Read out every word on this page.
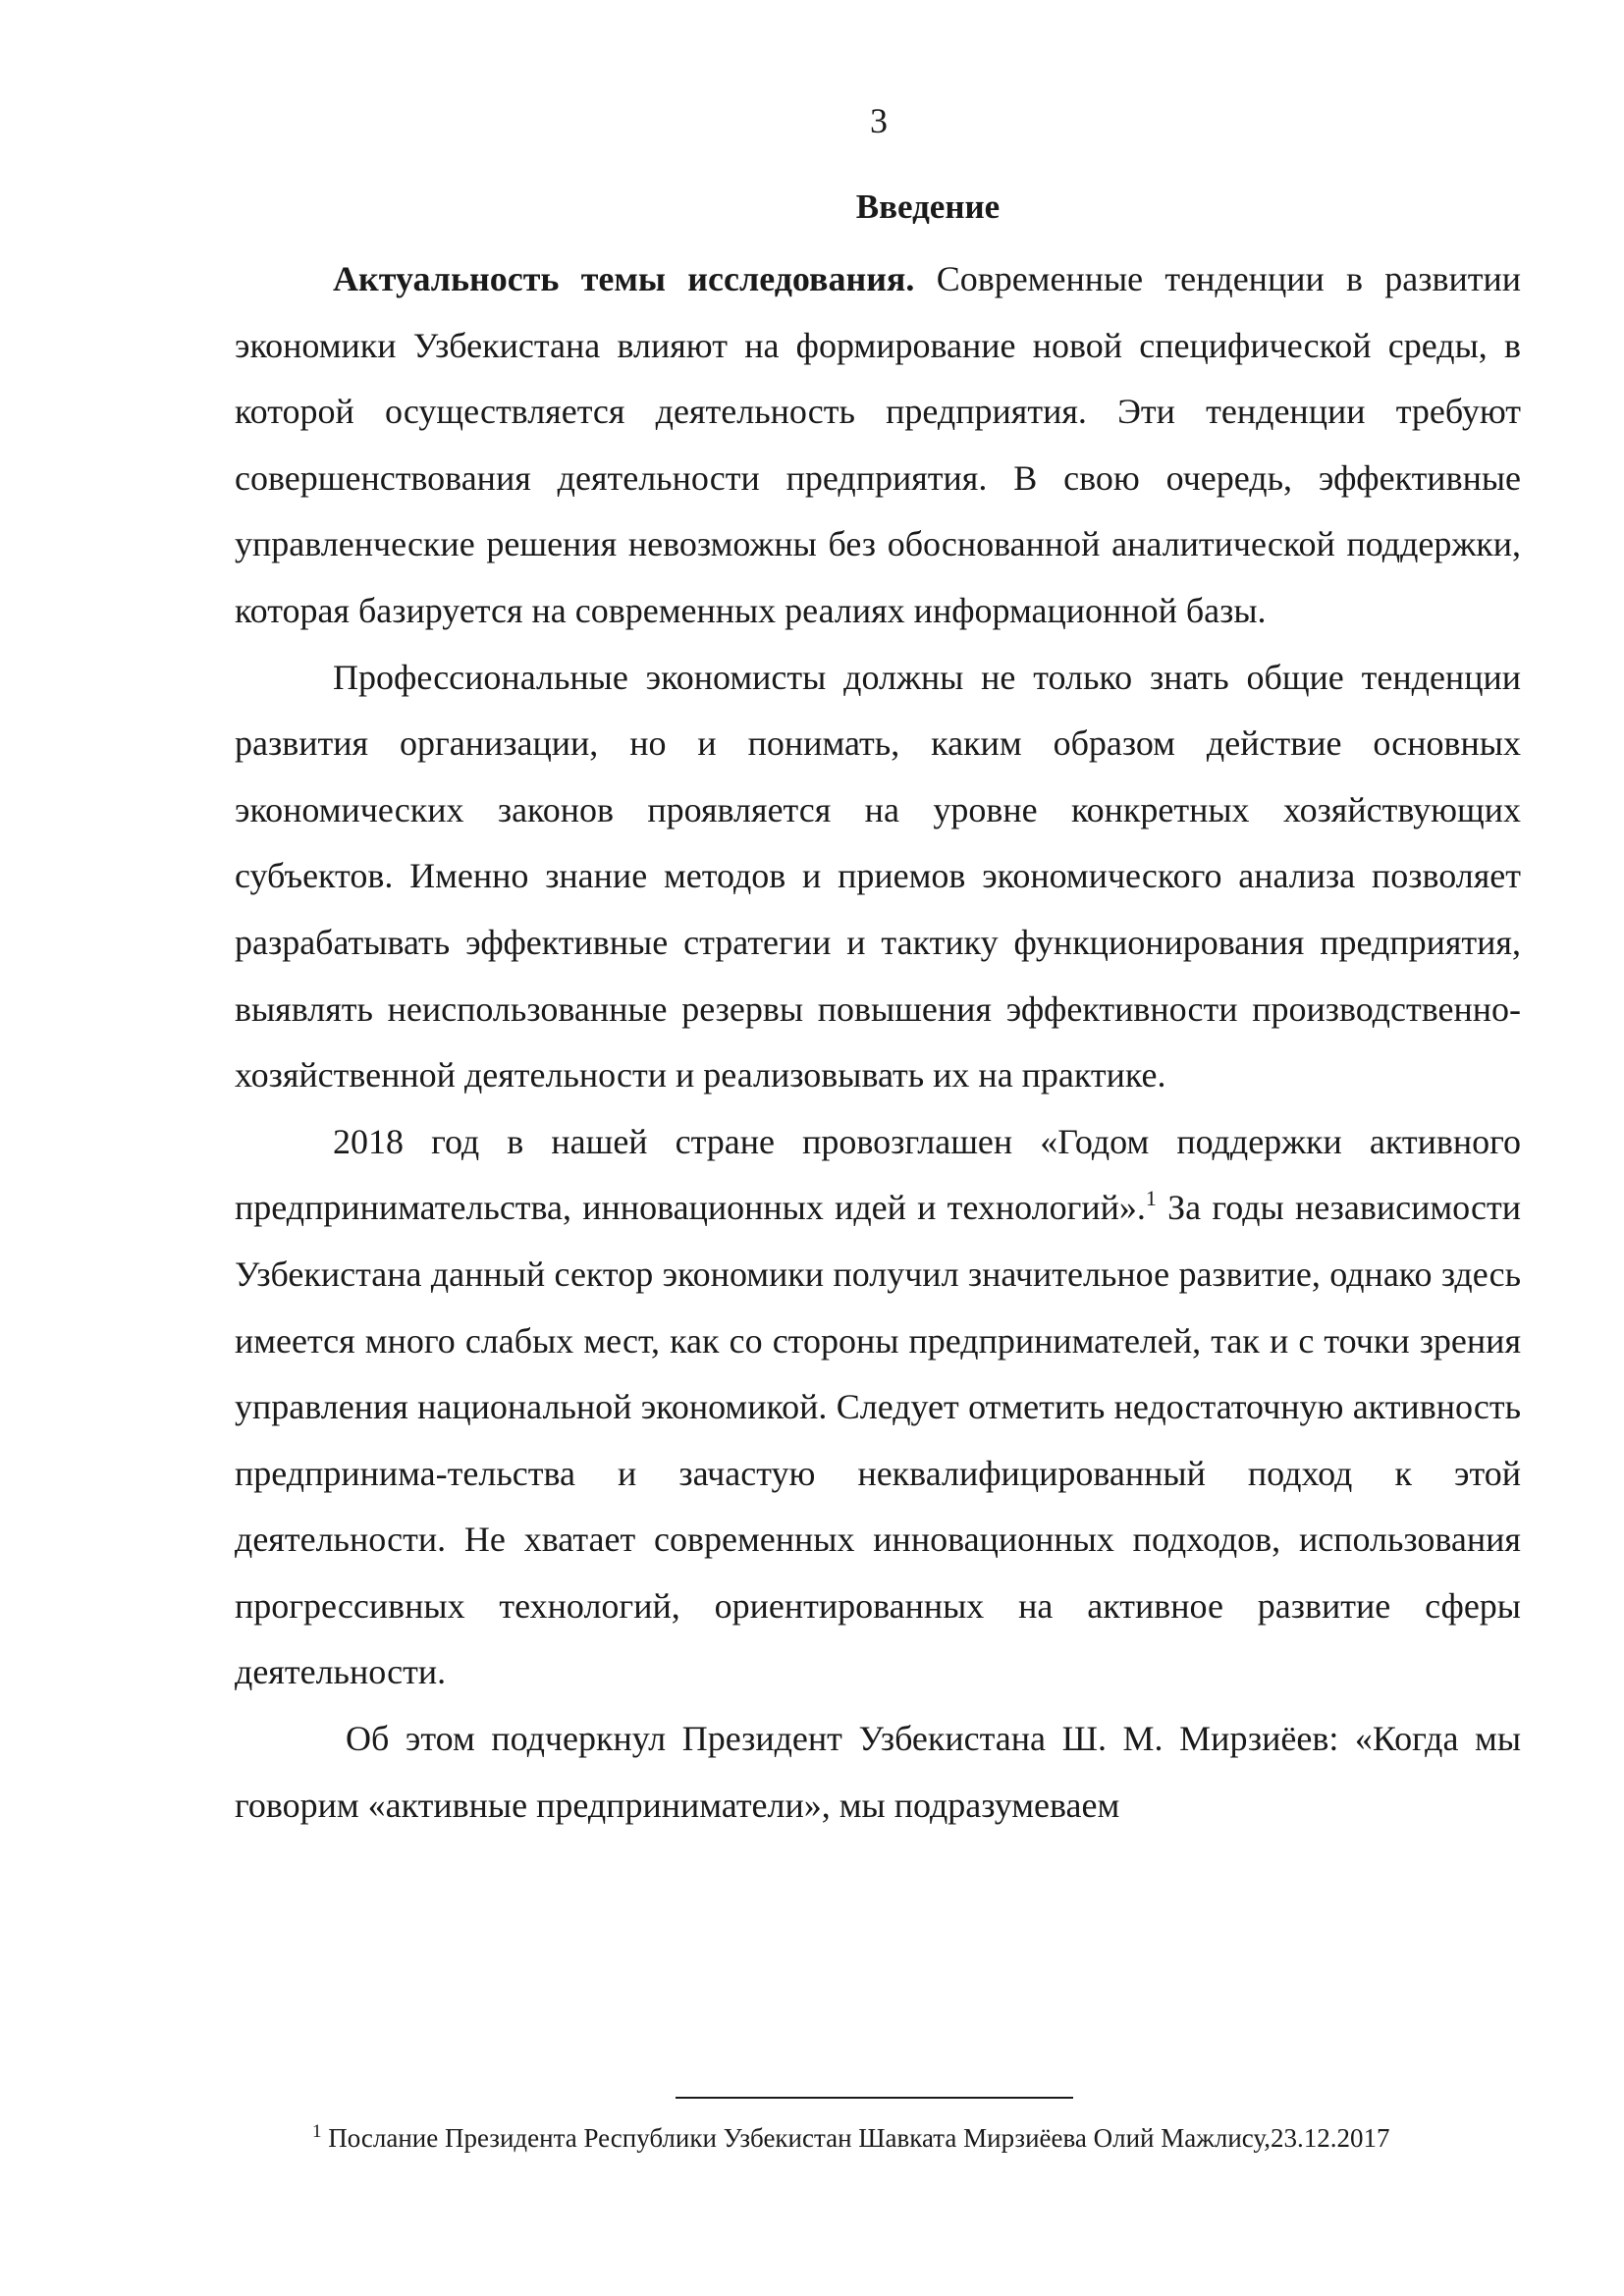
3
Введение

Актуальность темы исследования. Современные тенденции в развитии экономики Узбекистана влияют на формирование новой специфической среды, в которой осуществляется деятельность предприятия. Эти тенденции требуют совершенствования деятельности предприятия. В свою очередь, эффективные управленческие решения невозможны без обоснованной аналитической поддержки, которая базируется на современных реалиях информационной базы.

Профессиональные экономисты должны не только знать общие тенденции развития организации, но и понимать, каким образом действие основных экономических законов проявляется на уровне конкретных хозяйствующих субъектов. Именно знание методов и приемов экономического анализа позволяет разрабатывать эффективные стратегии и тактику функционирования предприятия, выявлять неиспользованные резервы повышения эффективности производственно-хозяйственной деятельности и реализовывать их на практике.

2018 год в нашей стране провозглашен «Годом поддержки активного предпринимательства, инновационных идей и технологий».$^1$ За годы независимости Узбекистана данный сектор экономики получил значительное развитие, однако здесь имеется много слабых мест, как со стороны предпринимателей, так и с точки зрения управления национальной экономикой. Следует отметить недостаточную активность предпринима-тельства и зачастую неквалифицированный подход к этой деятельности. Не хватает современных инновационных подходов, использования прогрессивных технологий, ориентированных на активное развитие сферы деятельности.

Об этом подчеркнул Президент Узбекистана Ш. М. Мирзиёев: «Когда мы говорим «активные предприниматели», мы подразумеваем

$^1$ Послание Президента Республики Узбекистан Шавката Мирзиёева Олий Мажлису,23.12.2017
